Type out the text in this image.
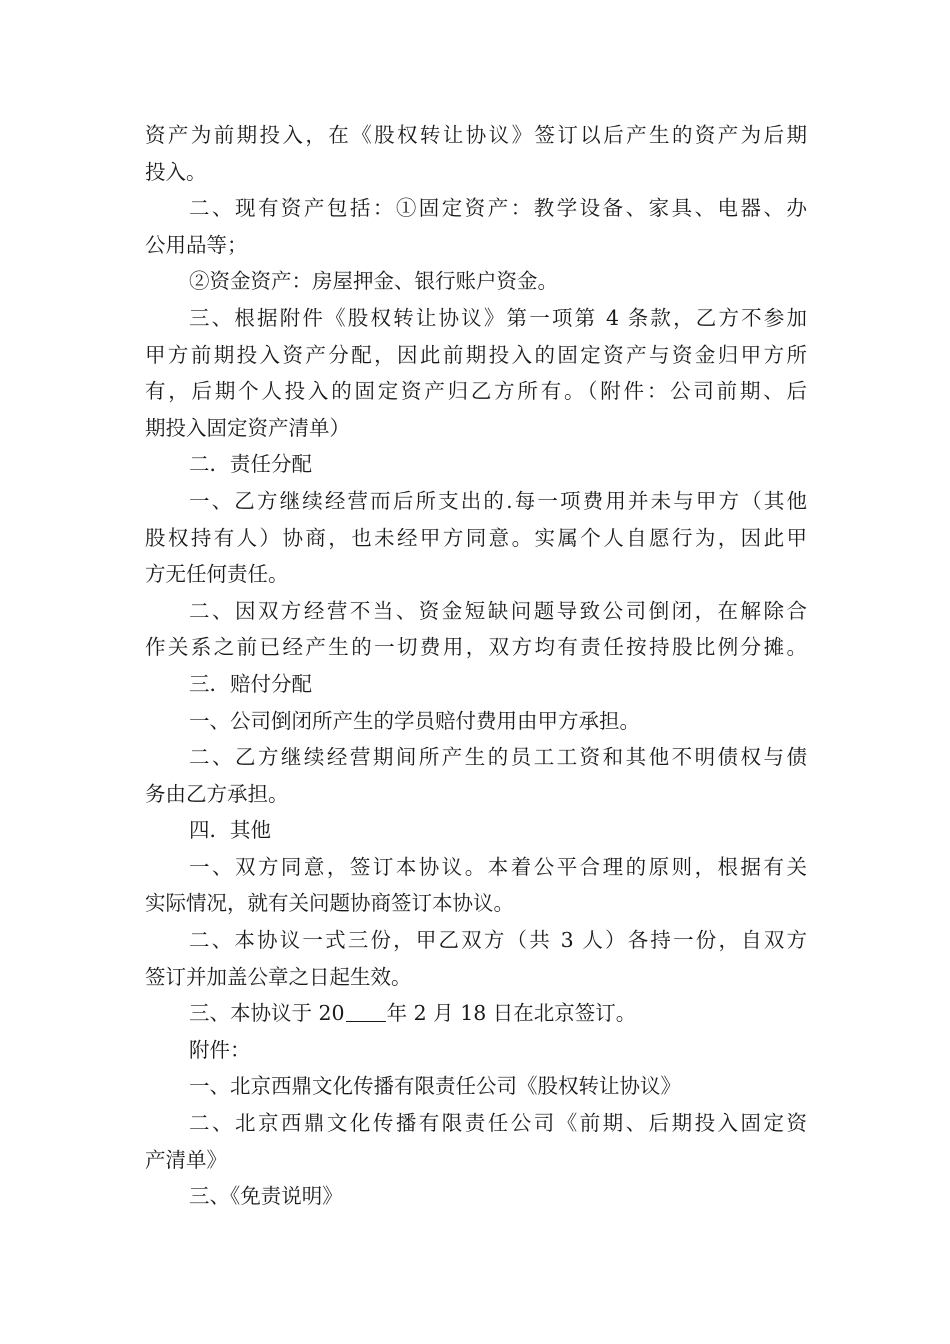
资产为前期投入，在《股权转让协议》签订以后产生的资产为后期
投入。
二、现有资产包括：①固定资产：教学设备、家具、电器、办
公用品等；
②资金资产：房屋押金、银行账户资金。
三、根据附件《股权转让协议》第一项第 4 条款，乙方不参加
甲方前期投入资产分配，因此前期投入的固定资产与资金归甲方所
有，后期个人投入的固定资产归乙方所有。（附件：公司前期、后
期投入固定资产清单）
二．责任分配
一、乙方继续经营而后所支出的.每一项费用并未与甲方（其他
股权持有人）协商，也未经甲方同意。实属个人自愿行为，因此甲
方无任何责任。
二、因双方经营不当、资金短缺问题导致公司倒闭，在解除合
作关系之前已经产生的一切费用，双方均有责任按持股比例分摊。
三．赔付分配
一、公司倒闭所产生的学员赔付费用由甲方承担。
二、乙方继续经营期间所产生的员工工资和其他不明债权与债
务由乙方承担。
四．其他
一、双方同意，签订本协议。本着公平合理的原则，根据有关
实际情况，就有关问题协商签订本协议。
二、本协议一式三份，甲乙双方（共 3 人）各持一份，自双方
签订并加盖公章之日起生效。
三、本协议于 20 年 2 月 18 日在北京签订。
附件：
一、北京西鼎文化传播有限责任公司《股权转让协议》
二、北京西鼎文化传播有限责任公司《前期、后期投入固定资
产清单》
三、《免责说明》
